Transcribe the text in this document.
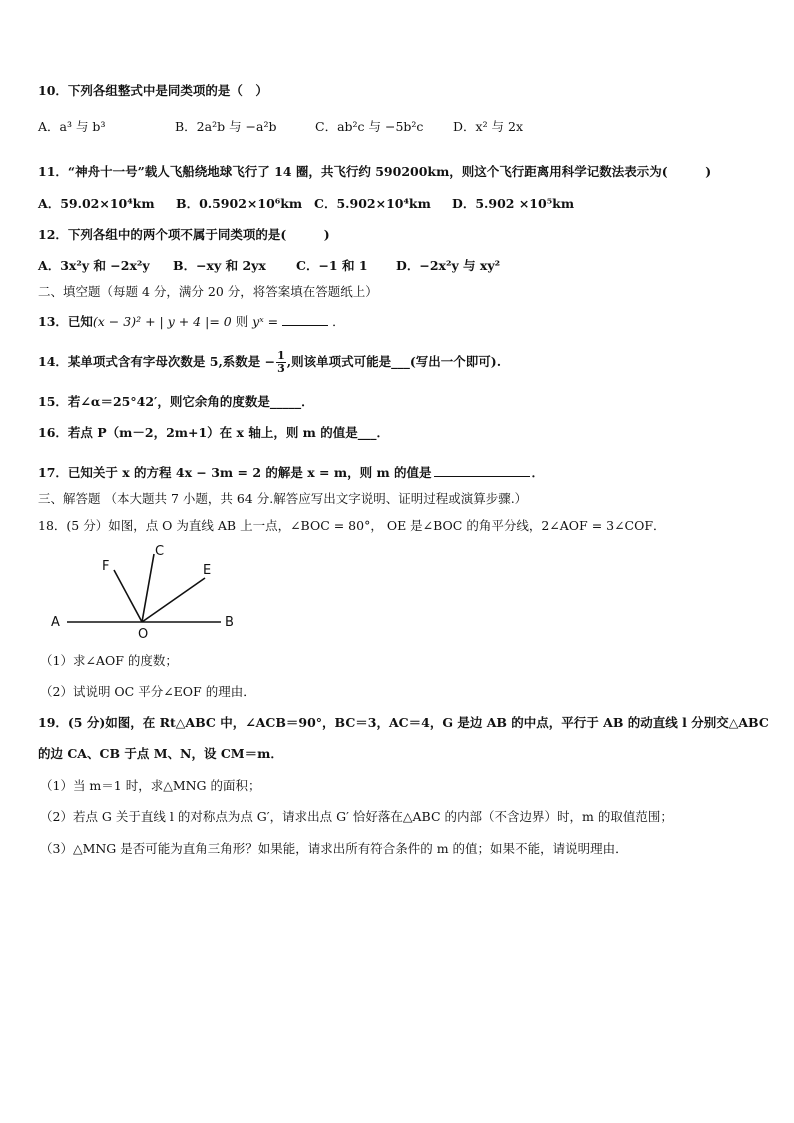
10．下列各组整式中是同类项的是（　）
A．a³ 与 b³	B．2a²b 与 −a²b	C．ab²c 与 −5b²c	D．x² 与 2x
11．“神舟十一号”载人飞船绕地球飞行了 14 圈，共飞行约 590200km，则这个飞行距离用科学记数法表示为(　　　)
A．59.02×10⁴km	B．0.5902×10⁶km C．5.902×10⁴km	D．5.902 ×10⁵km
12．下列各组中的两个项不属于同类项的是(　　　)
A．3x²y 和 −2x²y	B．−xy 和 2yx	C．−1 和 1	D．−2x²y 与 xy²
二、填空题（每题 4 分，满分 20 分，将答案填在答题纸上）
13．已知(x − 3)² + | y + 4 |= 0 则 yˣ =	．
14．某单项式含有字母次数是 5,系数是 − $\frac{1}{3}$ ,则该单项式可能是___(写出一个即可).
15．若∠α＝25°42′，则它余角的度数是_____．
16．若点 P（m－2，2m+1）在 x 轴上，则 m 的值是___．
17．已知关于 x 的方程 4x − 3m = 2 的解是 x = m，则 m 的值是	．
三、解答题 （本大题共 7 小题，共 64 分.解答应写出文字说明、证明过程或演算步骤.）
18．(5 分）如图，点 O 为直线 AB 上一点，∠BOC = 80°， OE 是∠BOC 的角平分线，2∠AOF = 3∠COF．
A	B
O
C
E
F
（1）求∠AOF 的度数；
（2）试说明 OC 平分∠EOF 的理由．
19．(5 分)如图，在 Rt△ABC 中，∠ACB＝90°，BC＝3，AC＝4，G 是边 AB 的中点，平行于 AB 的动直线 l 分别交△ABC
的边 CA、CB 于点 M、N，设 CM＝m．
（1）当 m＝1 时，求△MNG 的面积；
（2）若点 G 关于直线 l 的对称点为点 G′，请求出点 G′ 恰好落在△ABC 的内部（不含边界）时，m 的取值范围；
（3）△MNG 是否可能为直角三角形？如果能，请求出所有符合条件的 m 的值；如果不能，请说明理由．
